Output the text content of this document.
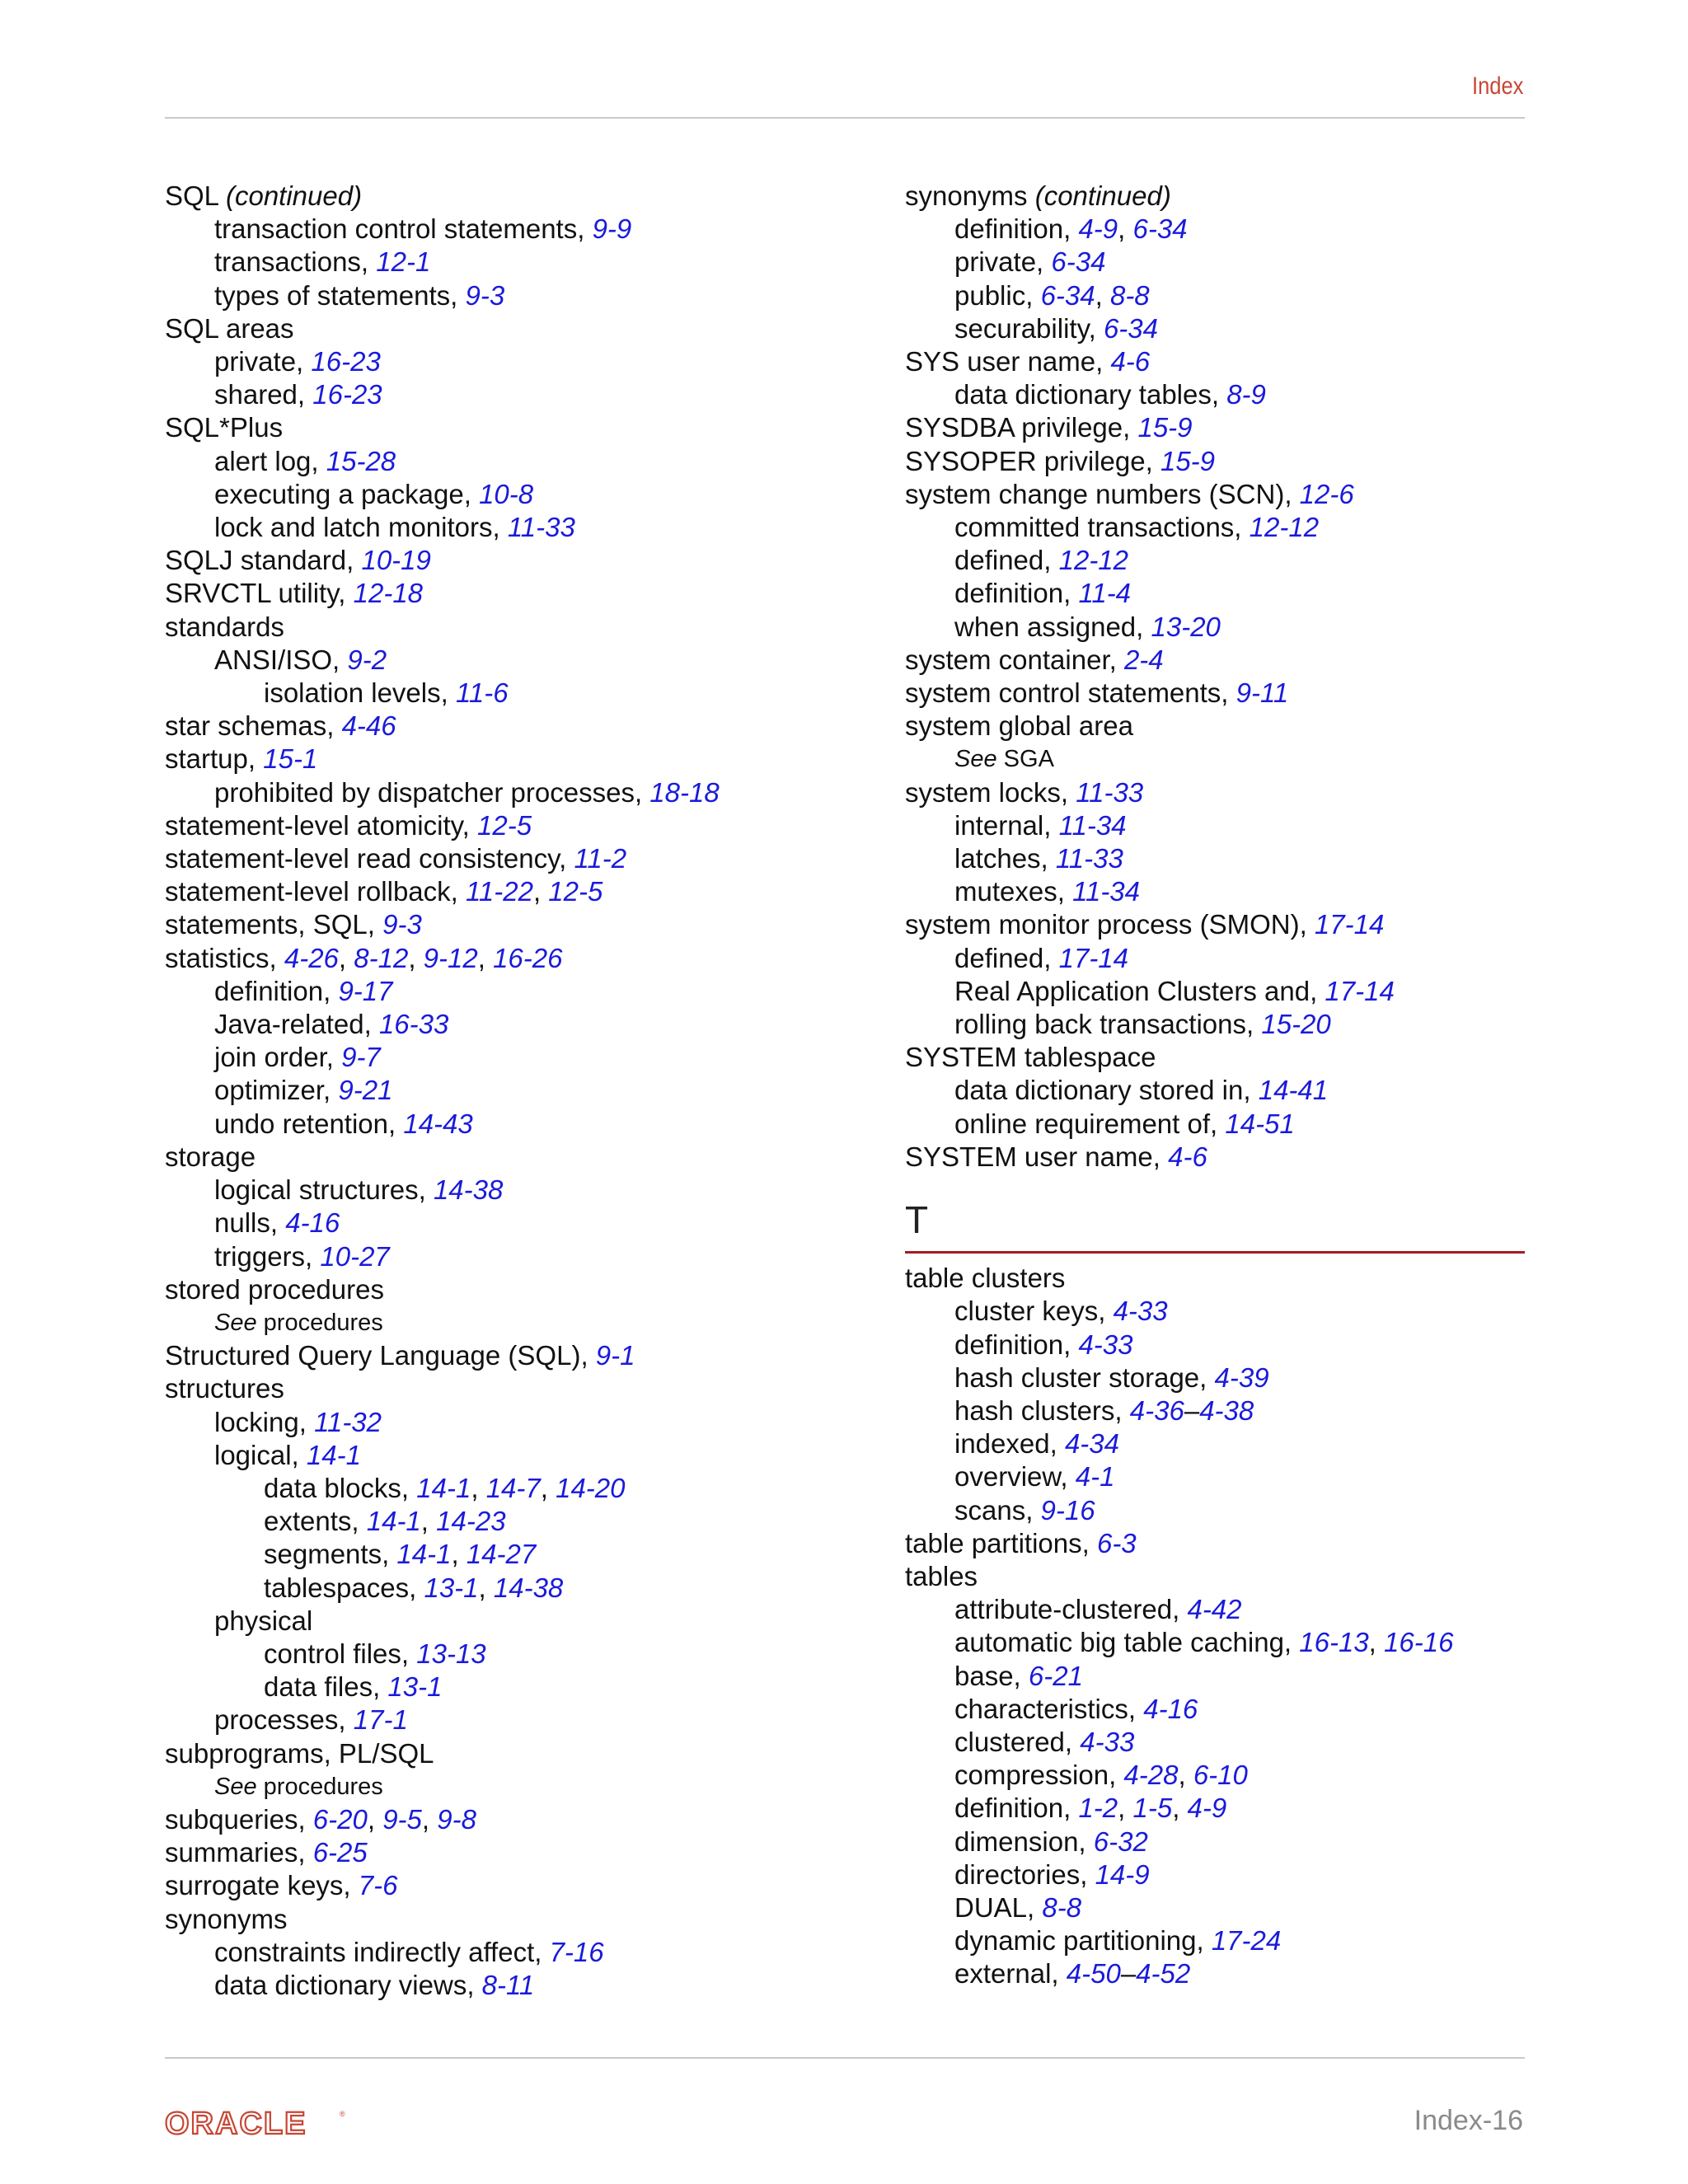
Index
SQL (continued)
transaction control statements, 9-9
transactions, 12-1
types of statements, 9-3
SQL areas
private, 16-23
shared, 16-23
SQL*Plus
alert log, 15-28
executing a package, 10-8
lock and latch monitors, 11-33
SQLJ standard, 10-19
SRVCTL utility, 12-18
standards
ANSI/ISO, 9-2
isolation levels, 11-6
star schemas, 4-46
startup, 15-1
prohibited by dispatcher processes, 18-18
statement-level atomicity, 12-5
statement-level read consistency, 11-2
statement-level rollback, 11-22, 12-5
statements, SQL, 9-3
statistics, 4-26, 8-12, 9-12, 16-26
definition, 9-17
Java-related, 16-33
join order, 9-7
optimizer, 9-21
undo retention, 14-43
storage
logical structures, 14-38
nulls, 4-16
triggers, 10-27
stored procedures
See procedures
Structured Query Language (SQL), 9-1
structures
locking, 11-32
logical, 14-1
data blocks, 14-1, 14-7, 14-20
extents, 14-1, 14-23
segments, 14-1, 14-27
tablespaces, 13-1, 14-38
physical
control files, 13-13
data files, 13-1
processes, 17-1
subprograms, PL/SQL
See procedures
subqueries, 6-20, 9-5, 9-8
summaries, 6-25
surrogate keys, 7-6
synonyms
constraints indirectly affect, 7-16
data dictionary views, 8-11
synonyms (continued)
definition, 4-9, 6-34
private, 6-34
public, 6-34, 8-8
securability, 6-34
SYS user name, 4-6
data dictionary tables, 8-9
SYSDBA privilege, 15-9
SYSOPER privilege, 15-9
system change numbers (SCN), 12-6
committed transactions, 12-12
defined, 12-12
definition, 11-4
when assigned, 13-20
system container, 2-4
system control statements, 9-11
system global area
See SGA
system locks, 11-33
internal, 11-34
latches, 11-33
mutexes, 11-34
system monitor process (SMON), 17-14
defined, 17-14
Real Application Clusters and, 17-14
rolling back transactions, 15-20
SYSTEM tablespace
data dictionary stored in, 14-41
online requirement of, 14-51
SYSTEM user name, 4-6
T
table clusters
cluster keys, 4-33
definition, 4-33
hash cluster storage, 4-39
hash clusters, 4-36–4-38
indexed, 4-34
overview, 4-1
scans, 9-16
table partitions, 6-3
tables
attribute-clustered, 4-42
automatic big table caching, 16-13, 16-16
base, 6-21
characteristics, 4-16
clustered, 4-33
compression, 4-28, 6-10
definition, 1-2, 1-5, 4-9
dimension, 6-32
directories, 14-9
DUAL, 8-8
dynamic partitioning, 17-24
external, 4-50–4-52
ORACLE	®	Index-16
